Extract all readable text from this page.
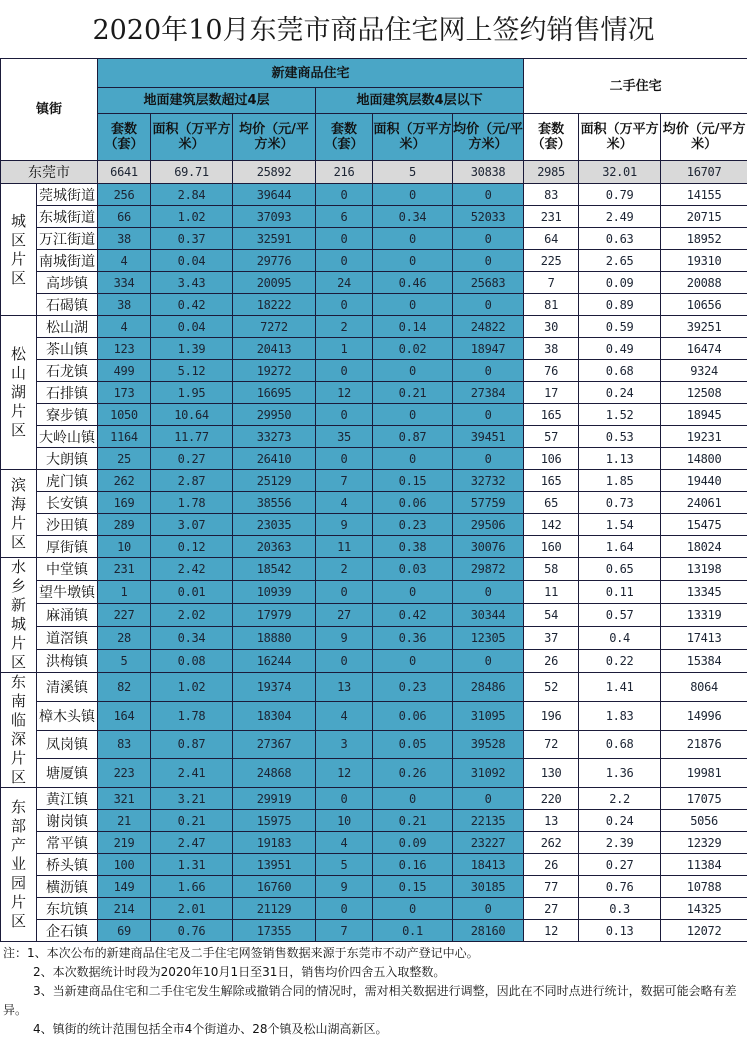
2020年10月东莞市商品住宅网上签约销售情况
镇街		新建商品住宅						二手住宅		
		地面建筑层数超过4层			地面建筑层数4层以下					
		套数（套）	面积（万平方米）	均价（元/平方米）	套数（套）	面积（万平方米）	均价（元/平方米）	套数（套）	面积（万平方米）	均价（元/平方米）
东莞市		6641	69.71	25892	216	5	30838	2985	32.01	16707

城区片区	莞城街道	256	2.84	39644	0	0	0	83	0.79	14155
	东城街道	66	1.02	37093	6	0.34	52033	231	2.49	20715
	万江街道	38	0.37	32591	0	0	0	64	0.63	18952
	南城街道	4	0.04	29776	0	0	0	225	2.65	19310
	高埗镇	334	3.43	20095	24	0.46	25683	7	0.09	20088
	石碣镇	38	0.42	18222	0	0	0	81	0.89	10656

松山湖片区	松山湖	4	0.04	7272	2	0.14	24822	30	0.59	39251
	茶山镇	123	1.39	20413	1	0.02	18947	38	0.49	16474
	石龙镇	499	5.12	19272	0	0	0	76	0.68	9324
	石排镇	173	1.95	16695	12	0.21	27384	17	0.24	12508
	寮步镇	1050	10.64	29950	0	0	0	165	1.52	18945
	大岭山镇	1164	11.77	33273	35	0.87	39451	57	0.53	19231
	大朗镇	25	0.27	26410	0	0	0	106	1.13	14800

滨海片区	虎门镇	262	2.87	25129	7	0.15	32732	165	1.85	19440
	长安镇	169	1.78	38556	4	0.06	57759	65	0.73	24061
	沙田镇	289	3.07	23035	9	0.23	29506	142	1.54	15475
	厚街镇	10	0.12	20363	11	0.38	30076	160	1.64	18024

水乡新城片区	中堂镇	231	2.42	18542	2	0.03	29872	58	0.65	13198
	望牛墩镇	1	0.01	10939	0	0	0	11	0.11	13345
	麻涌镇	227	2.02	17979	27	0.42	30344	54	0.57	13319
	道滘镇	28	0.34	18880	9	0.36	12305	37	0.4	17413
	洪梅镇	5	0.08	16244	0	0	0	26	0.22	15384

东南临深片区	清溪镇	82	1.02	19374	13	0.23	28486	52	1.41	8064
	樟木头镇	164	1.78	18304	4	0.06	31095	196	1.83	14996
	凤岗镇	83	0.87	27367	3	0.05	39528	72	0.68	21876
	塘厦镇	223	2.41	24868	12	0.26	31092	130	1.36	19981

东部产业园片区	黄江镇	321	3.21	29919	0	0	0	220	2.2	17075
	谢岗镇	21	0.21	15975	10	0.21	22135	13	0.24	5056
	常平镇	219	2.47	19183	4	0.09	23227	262	2.39	12329
	桥头镇	100	1.31	13951	5	0.16	18413	26	0.27	11384
	横沥镇	149	1.66	16760	9	0.15	30185	77	0.76	10788
	东坑镇	214	2.01	21129	0	0	0	27	0.3	14325
	企石镇	69	0.76	17355	7	0.1	28160	12	0.13	12072
注：1、本次公布的新建商品住宅及二手住宅网签销售数据来源于东莞市不动产登记中心。
2、本次数据统计时段为2020年10月1日至31日，销售均价四舍五入取整数。
3、当新建商品住宅和二手住宅发生解除或撤销合同的情况时，需对相关数据进行调整，因此在不同时点进行统计，数据可能会略有差异。
4、镇街的统计范围包括全市4个街道办、28个镇及松山湖高新区。
